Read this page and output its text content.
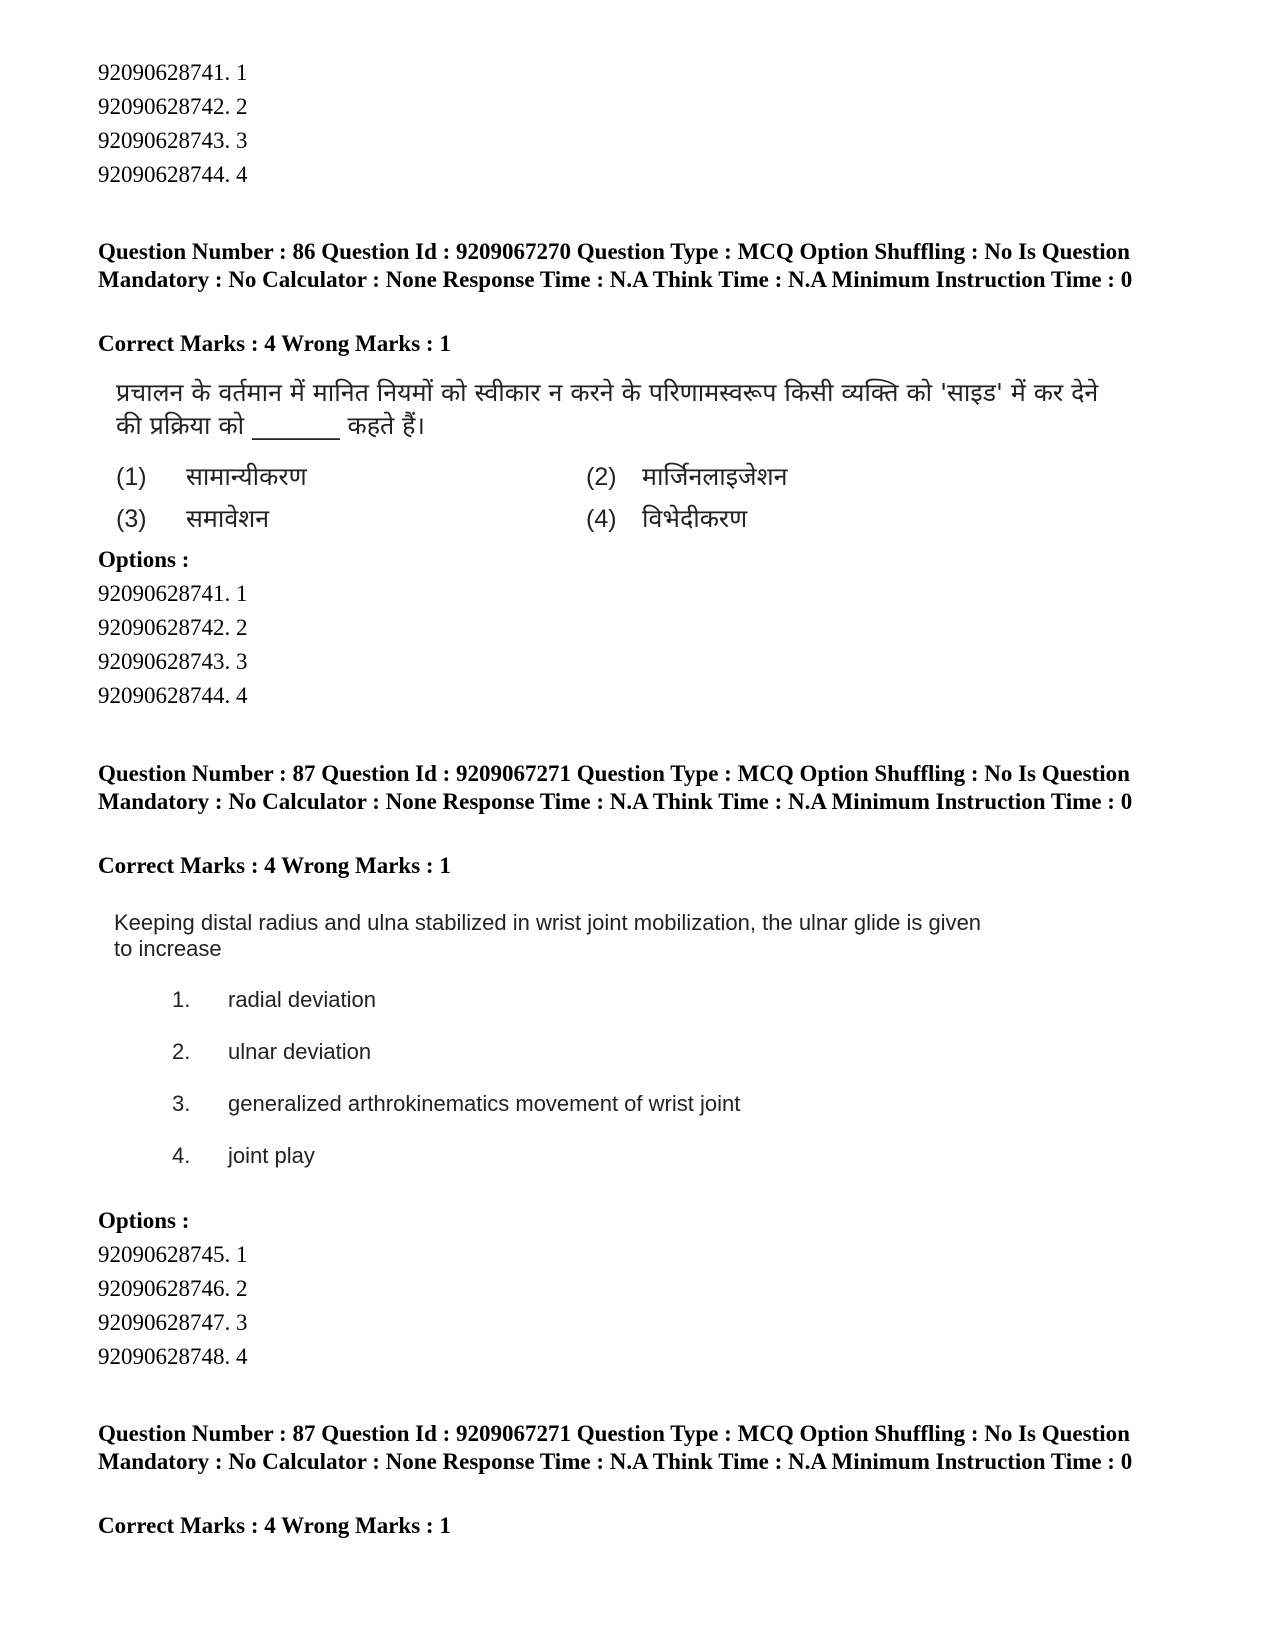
92090628741. 1
92090628742. 2
92090628743. 3
92090628744. 4
Question Number : 86 Question Id : 9209067270 Question Type : MCQ Option Shuffling : No Is Question Mandatory : No Calculator : None Response Time : N.A Think Time : N.A Minimum Instruction Time : 0
Correct Marks : 4 Wrong Marks : 1
प्रचालन के वर्तमान में मानित नियमों को स्वीकार न करने के परिणामस्वरूप किसी व्यक्ति को 'साइड' में कर देने की प्रक्रिया को _______ कहते हैं।
(1) सामान्यीकरण	(2) मार्जिनलाइजेशन
(3) समावेशन	(4) विभेदीकरण
Options :
92090628741. 1
92090628742. 2
92090628743. 3
92090628744. 4
Question Number : 87 Question Id : 9209067271 Question Type : MCQ Option Shuffling : No Is Question Mandatory : No Calculator : None Response Time : N.A Think Time : N.A Minimum Instruction Time : 0
Correct Marks : 4 Wrong Marks : 1
Keeping distal radius and ulna stabilized in wrist joint mobilization, the ulnar glide is given to increase
1. radial deviation
2. ulnar deviation
3. generalized arthrokinematics movement of wrist joint
4. joint play
Options :
92090628745. 1
92090628746. 2
92090628747. 3
92090628748. 4
Question Number : 87 Question Id : 9209067271 Question Type : MCQ Option Shuffling : No Is Question Mandatory : No Calculator : None Response Time : N.A Think Time : N.A Minimum Instruction Time : 0
Correct Marks : 4 Wrong Marks : 1
